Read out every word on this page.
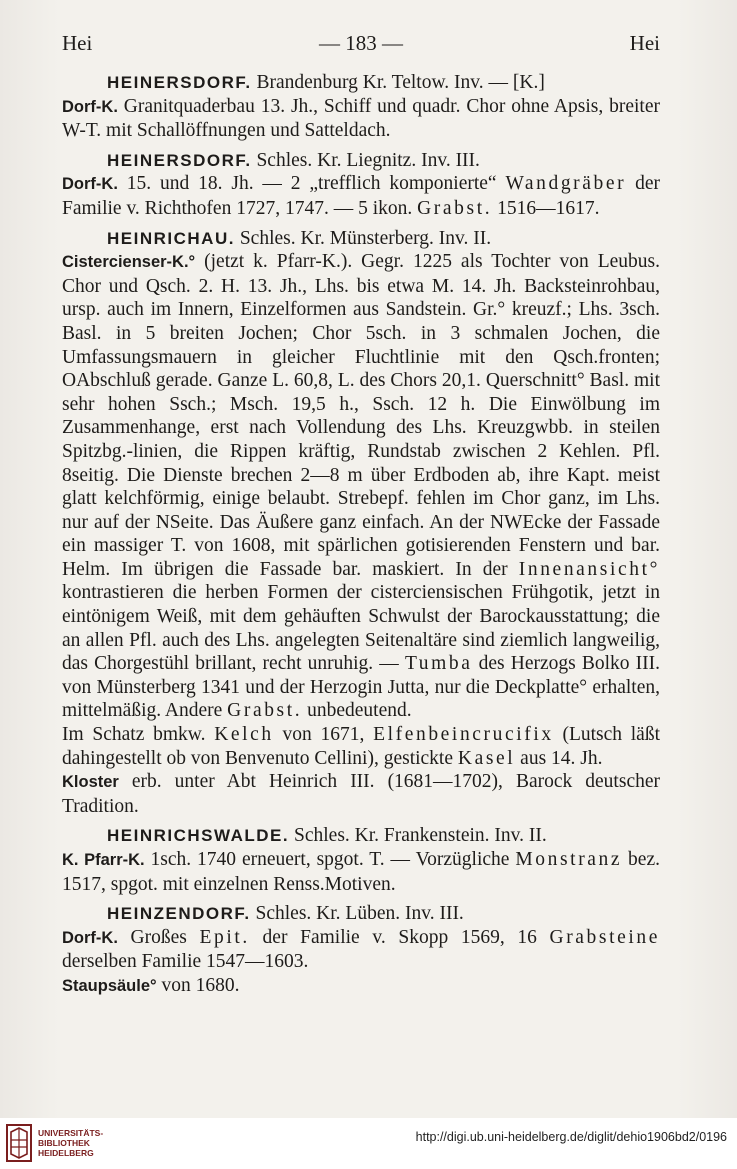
Hei	— 183 —	Hei
HEINERSDORF. Brandenburg Kr. Teltow. Inv. — [K.]
Dorf-K. Granitquaderbau 13. Jh., Schiff und quadr. Chor ohne Apsis, breiter W-T. mit Schallöffnungen und Satteldach.
HEINERSDORF. Schles. Kr. Liegnitz. Inv. III.
Dorf-K. 15. und 18. Jh. — 2 „trefflich komponierte“ Wandgräber der Familie v. Richthofen 1727, 1747. — 5 ikon. Grabst. 1516—1617.
HEINRICHAU. Schles. Kr. Münsterberg. Inv. II.

Cistercienser-K.° (jetzt k. Pfarr-K.). Gegr. 1225 als Tochter von Leubus. Chor und Qsch. 2. H. 13. Jh., Lhs. bis etwa M. 14. Jh. Backsteinrohbau, ursp. auch im Innern, Einzelformen aus Sandstein. Gr.° kreuzf.; Lhs. 3sch. Basl. in 5 breiten Jochen; Chor 5sch. in 3 schmalen Jochen, die Umfassungsmauern in gleicher Fluchtlinie mit den Qsch.fronten; OAbschluß gerade. Ganze L. 60,8, L. des Chors 20,1. Querschnitt° Basl. mit sehr hohen Ssch.; Msch. 19,5 h., Ssch. 12 h. Die Einwölbung im Zusammenhange, erst nach Vollendung des Lhs. Kreuzgwbb. in steilen Spitzbg.-linien, die Rippen kräftig, Rundstab zwischen 2 Kehlen. Pfl. 8seitig. Die Dienste brechen 2—8 m über Erdboden ab, ihre Kapt. meist glatt kelchförmig, einige belaubt. Strebepf. fehlen im Chor ganz, im Lhs. nur auf der NSeite. Das Äußere ganz einfach. An der NWEcke der Fassade ein massiger T. von 1608, mit spärlichen gotisierenden Fenstern und bar. Helm. Im übrigen die Fassade bar. maskiert. In der Innenansicht° kontrastieren die herben Formen der cisterciensischen Frühgotik, jetzt in eintönigem Weiß, mit dem gehäuften Schwulst der Barockausstattung; die an allen Pfl. auch des Lhs. angelegten Seitenaltäre sind ziemlich langweilig, das Chorgestühl brillant, recht unruhig. — Tumba des Herzogs Bolko III. von Münsterberg 1341 und der Herzogin Jutta, nur die Deckplatte° erhalten, mittelmäßig. Andere Grabst. unbedeutend.

Im Schatz bmkw. Kelch von 1671, Elfenbeincrucifix (Lutsch läßt dahingestellt ob von Benvenuto Cellini), gestickte Kasel aus 14. Jh.

Kloster erb. unter Abt Heinrich III. (1681—1702), Barock deutscher Tradition.

HEINRICHSWALDE. Schles. Kr. Frankenstein. Inv. II.
K. Pfarr-K. 1sch. 1740 erneuert, spgot. T. — Vorzügliche Monstranz bez. 1517, spgot. mit einzelnen Renss.Motiven.
HEINZENDORF. Schles. Kr. Lüben. Inv. III.
Dorf-K. Großes Epit. der Familie v. Skopp 1569, 16 Grabsteine derselben Familie 1547—1603.
Staupsäule° von 1680.
UNIVERSITÄTS-
BIBLIOTHEK
HEIDELBERG
http://digi.ub.uni-heidelberg.de/diglit/dehio1906bd2/0196
